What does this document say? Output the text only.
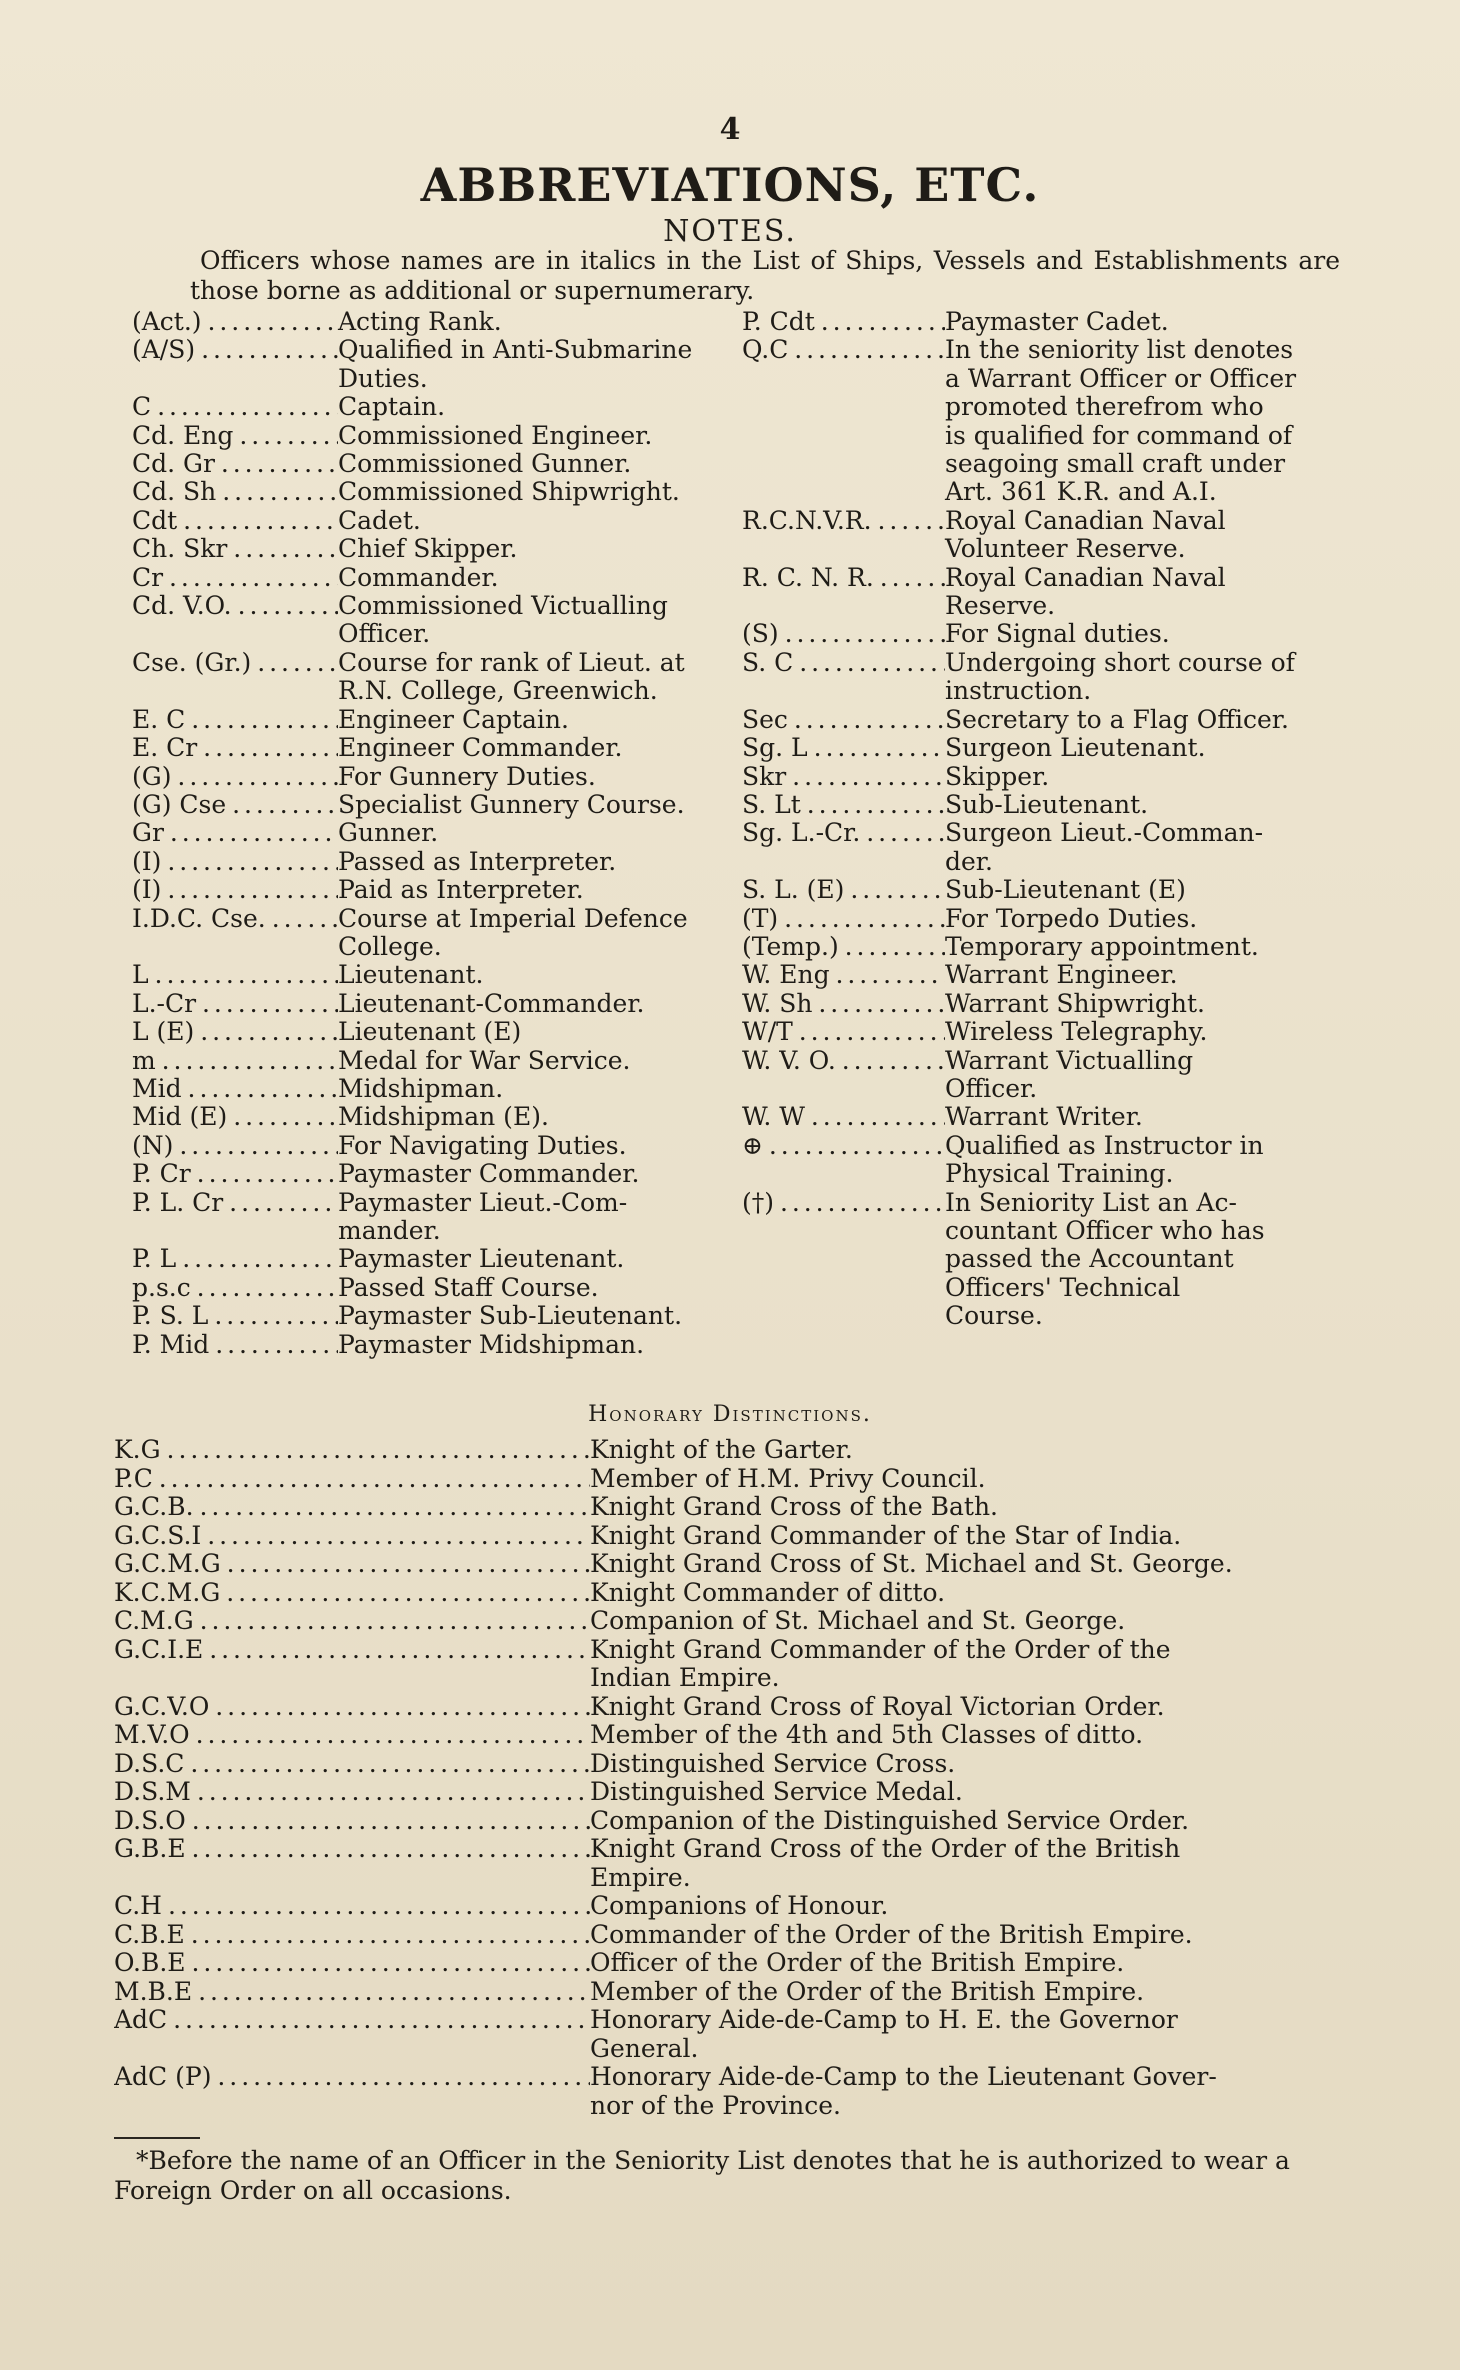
4
ABBREVIATIONS, ETC.
NOTES.
Officers whose names are in italics in the List of Ships, Vessels and Establishments are those borne as additional or supernumerary.
(Act.) . . .	Acting Rank.
(A/S) . . .	Qualified in Anti-Submarine
Duties.
C . . .	Captain.
Cd. Eng . . .	Commissioned Engineer.
Cd. Gr . . .	Commissioned Gunner.
Cd. Sh . . .	Commissioned Shipwright.
Cdt . . .	Cadet.
Ch. Skr . . .	Chief Skipper.
Cr . . .	Commander.
Cd. V.O. . . .	Commissioned Victualling
Officer.
Cse. (Gr.) . . .	Course for rank of Lieut. at
R.N. College, Greenwich.
E. C . . .	Engineer Captain.
E. Cr . . .	Engineer Commander.
(G) . . .	For Gunnery Duties.
(G) Cse . . .	Specialist Gunnery Course.
Gr . . .	Gunner.
(I) . . .	Passed as Interpreter.
(I) . . .	Paid as Interpreter.
I.D.C. Cse. . . .	Course at Imperial Defence
College.
L . . .	Lieutenant.
L.-Cr . . .	Lieutenant-Commander.
L (E) . . .	Lieutenant (E)
m . . .	Medal for War Service.
Mid . . .	Midshipman.
Mid (E) . . .	Midshipman (E).
(N) . . .	For Navigating Duties.
P. Cr . . .	Paymaster Commander.
P. L. Cr . . .	Paymaster Lieut.-Com-
mander.
P. L . . .	Paymaster Lieutenant.
p.s.c . . .	Passed Staff Course.
P. S. L . . .	Paymaster Sub-Lieutenant.
P. Mid . . .	Paymaster Midshipman.
P. Cdt . . .	Paymaster Cadet.
Q.C . . .	In the seniority list denotes
a Warrant Officer or Officer
promoted therefrom who
is qualified for command of
seagoing small craft under
Art. 361 K.R. and A.I.
R.C.N.V.R. . . .	Royal Canadian Naval
Volunteer Reserve.
R. C. N. R. . . .	Royal Canadian Naval
Reserve.
(S) . . .	For Signal duties.
S. C . . .	Undergoing short course of
instruction.
Sec . . .	Secretary to a Flag Officer.
Sg. L . . .	Surgeon Lieutenant.
Skr . . .	Skipper.
S. Lt . . .	Sub-Lieutenant.
Sg. L.-Cr. . . .	Surgeon Lieut.-Comman-
der.
S. L. (E) . . .	Sub-Lieutenant (E)
(T) . . .	For Torpedo Duties.
(Temp.) . . .	Temporary appointment.
W. Eng . . .	Warrant Engineer.
W. Sh . . .	Warrant Shipwright.
W/T . . .	Wireless Telegraphy.
W. V. O. . . .	Warrant Victualling
Officer.
W. W . . .	Warrant Writer.
⊕ . . .	Qualified as Instructor in
Physical Training.
(†) . . .	In Seniority List an Ac-
countant Officer who has
passed the Accountant
Officers' Technical
Course.
Honorary Distinctions.
K.G . . .	Knight of the Garter.
P.C . . .	Member of H.M. Privy Council.
G.C.B. . . .	Knight Grand Cross of the Bath.
G.C.S.I . . .	Knight Grand Commander of the Star of India.
G.C.M.G . . .	Knight Grand Cross of St. Michael and St. George.
K.C.M.G . . .	Knight Commander of ditto.
C.M.G . . .	Companion of St. Michael and St. George.
G.C.I.E . . .	Knight Grand Commander of the Order of the
Indian Empire.
G.C.V.O . . .	Knight Grand Cross of Royal Victorian Order.
M.V.O . . .	Member of the 4th and 5th Classes of ditto.
D.S.C . . .	Distinguished Service Cross.
D.S.M . . .	Distinguished Service Medal.
D.S.O . . .	Companion of the Distinguished Service Order.
G.B.E . . .	Knight Grand Cross of the Order of the British
Empire.
C.H . . .	Companions of Honour.
C.B.E . . .	Commander of the Order of the British Empire.
O.B.E . . .	Officer of the Order of the British Empire.
M.B.E . . .	Member of the Order of the British Empire.
AdC . . .	Honorary Aide-de-Camp to H. E. the Governor
General.
AdC (P) . . .	Honorary Aide-de-Camp to the Lieutenant Gover-
nor of the Province.
*Before the name of an Officer in the Seniority List denotes that he is authorized to wear a Foreign Order on all occasions.
